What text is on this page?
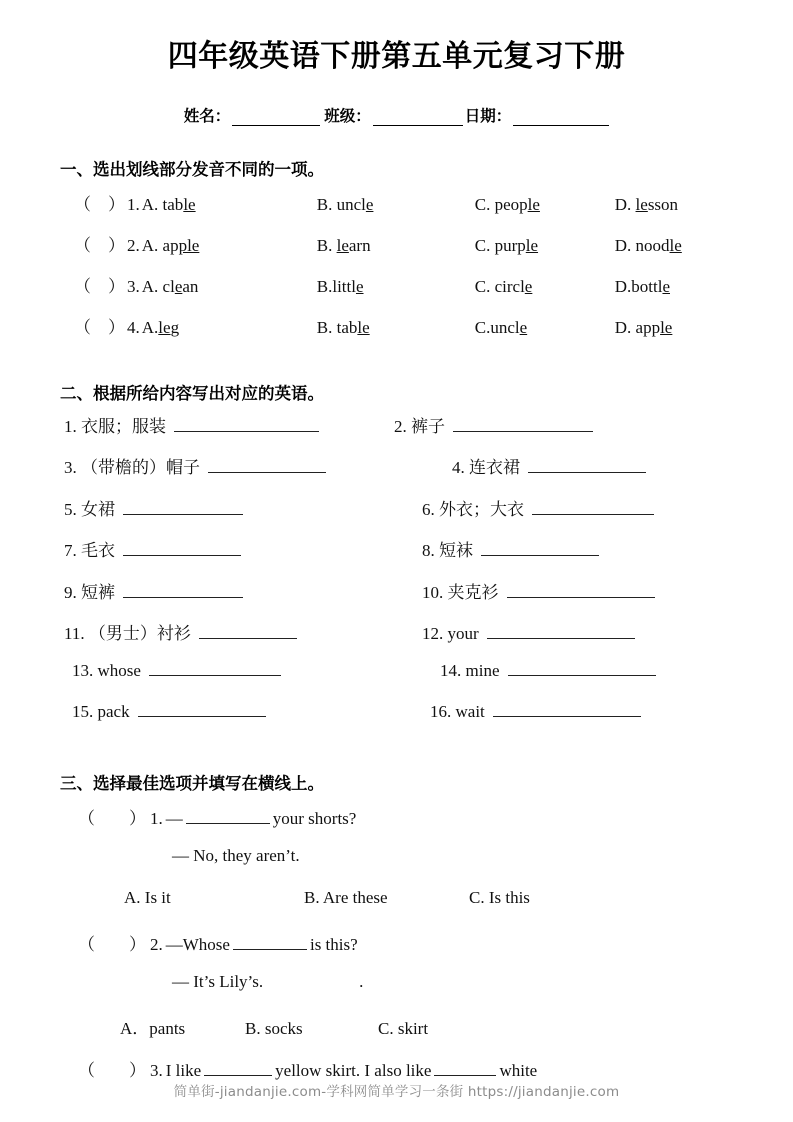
四年级英语下册第五单元复习下册
姓名：	班级：	日期：
一、选出划线部分发音不同的一项。
（    ） 1. A. table	B. uncle	C. people	D. lesson
（    ） 2. A. apple	B. learn	C. purple	D. noodle
（    ） 3. A. clean	B.little	C. circle	D.bottle
（    ） 4. A.leg	B. table	C.uncle	D. apple
二、根据所给内容写出对应的英语。
1. 衣服；服装	2. 裤子
3. （带檐的）帽子	4. 连衣裙
5. 女裙	6. 外衣；大衣
7. 毛衣	8. 短袜
9. 短裤	10. 夹克衫
11. （男士）衬衫	12. your
13. whose	14. mine
15. pack	16. wait
三、选择最佳选项并填写在横线上。
（        ） 1. —	your shorts?
— No, they aren’t.
A. Is it	B. Are these	C. Is this
（        ） 2. —Whose	is this?
— It’s Lily’s.	.
A．pants	B. socks	C. skirt
（        ） 3. I like	yellow skirt. I also like	white
简单街-jiandanjie.com-学科网简单学习一条街 https://jiandanjie.com
